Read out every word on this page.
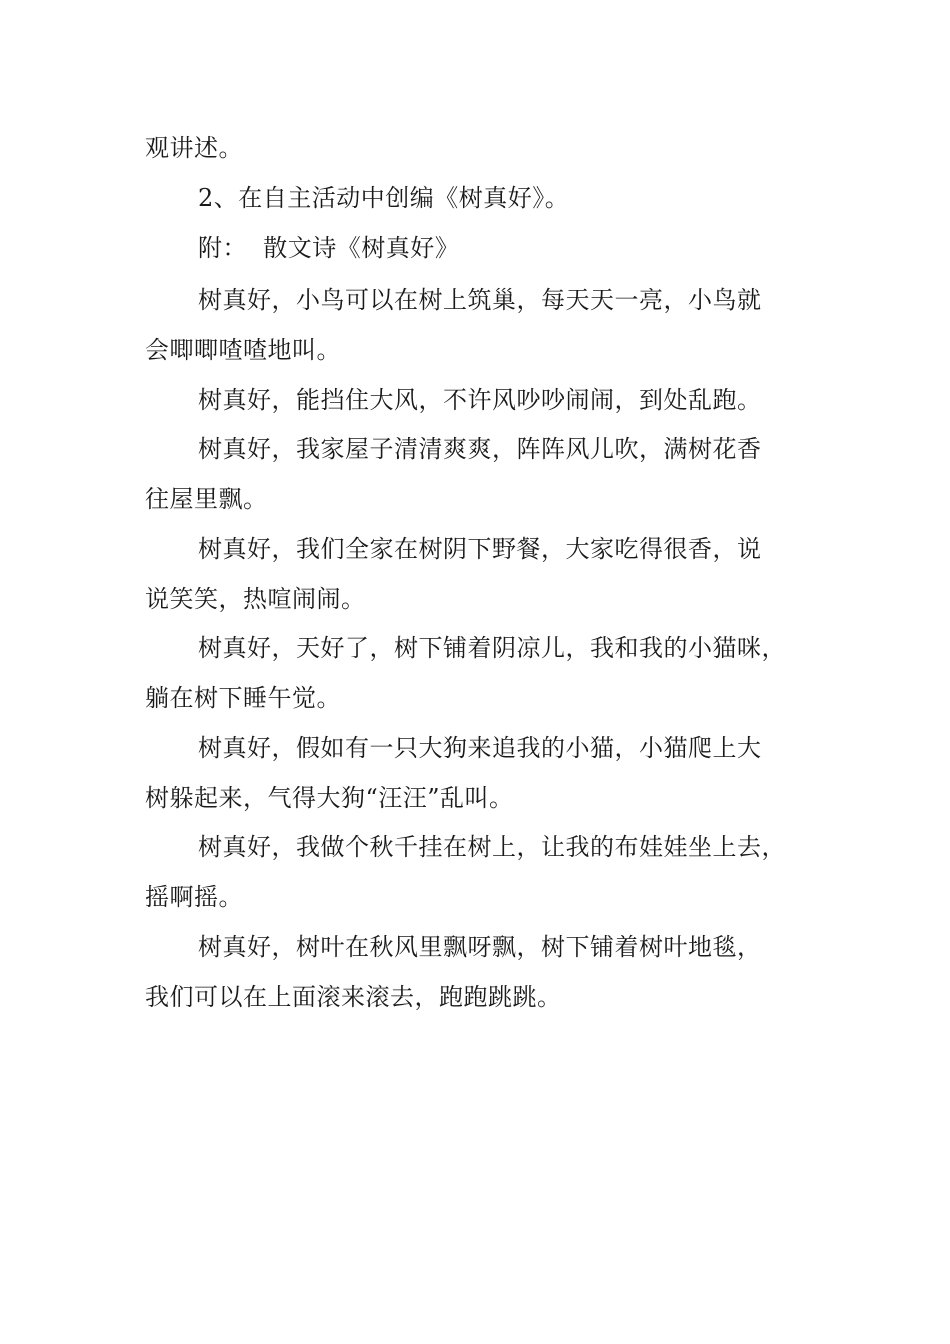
观讲述。
2、在自主活动中创编《树真好》。
附：  散文诗《树真好》
树真好，小鸟可以在树上筑巢，每天天一亮，小鸟就
会唧唧喳喳地叫。
树真好，能挡住大风，不许风吵吵闹闹，到处乱跑。
树真好，我家屋子清清爽爽，阵阵风儿吹，满树花香
往屋里飘。
树真好，我们全家在树阴下野餐，大家吃得很香，说
说笑笑，热喧闹闹。
树真好，天好了，树下铺着阴凉儿，我和我的小猫咪，
躺在树下睡午觉。
树真好，假如有一只大狗来追我的小猫，小猫爬上大
树躲起来，气得大狗“汪汪”乱叫。
树真好，我做个秋千挂在树上，让我的布娃娃坐上去，
摇啊摇。
树真好，树叶在秋风里飘呀飘，树下铺着树叶地毯，
我们可以在上面滚来滚去，跑跑跳跳。
